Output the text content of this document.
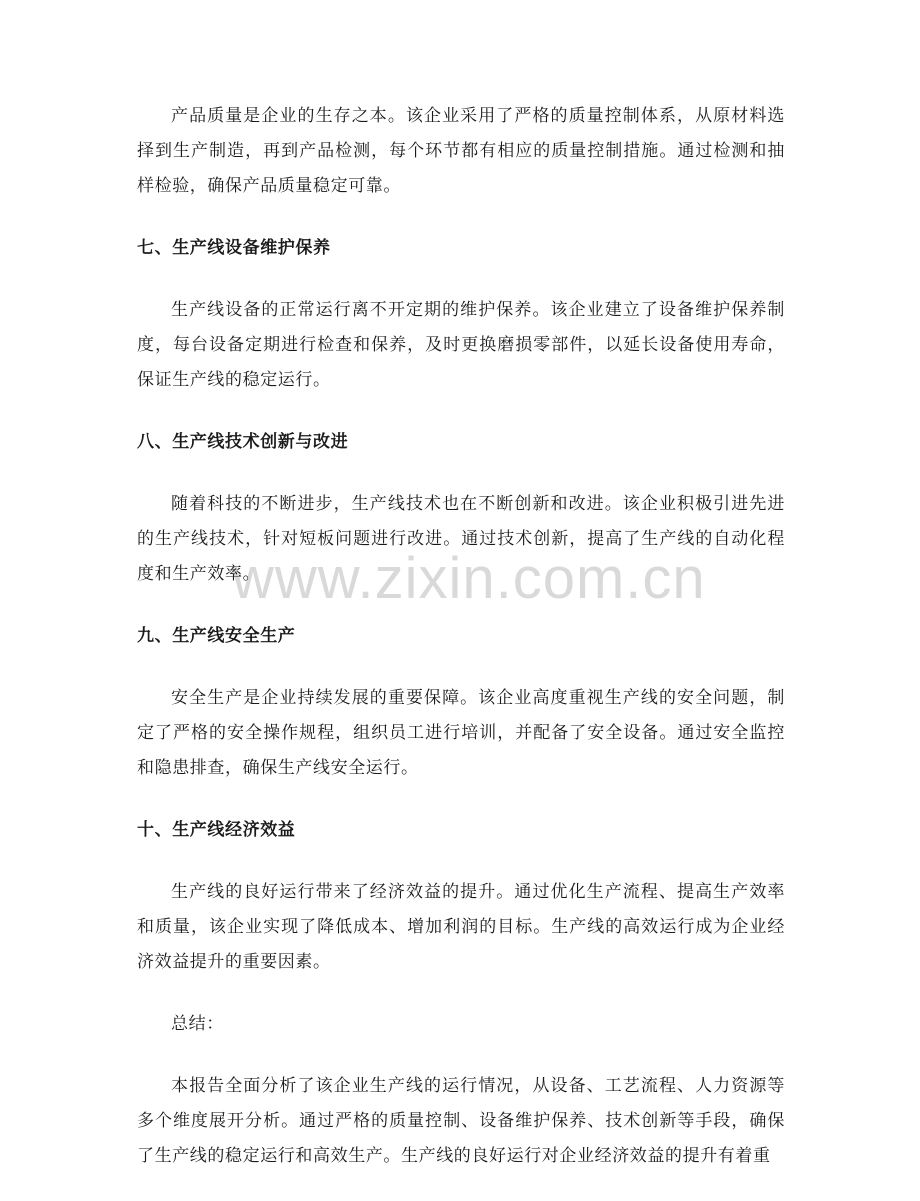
www.zixin.com.cn

产品质量是企业的生存之本。该企业采用了严格的质量控制体系，从原材料选择到生产制造，再到产品检测，每个环节都有相应的质量控制措施。通过检测和抽样检验，确保产品质量稳定可靠。

七、生产线设备维护保养

生产线设备的正常运行离不开定期的维护保养。该企业建立了设备维护保养制度，每台设备定期进行检查和保养，及时更换磨损零部件，以延长设备使用寿命，保证生产线的稳定运行。

八、生产线技术创新与改进

随着科技的不断进步，生产线技术也在不断创新和改进。该企业积极引进先进的生产线技术，针对短板问题进行改进。通过技术创新，提高了生产线的自动化程度和生产效率。

九、生产线安全生产

安全生产是企业持续发展的重要保障。该企业高度重视生产线的安全问题，制定了严格的安全操作规程，组织员工进行培训，并配备了安全设备。通过安全监控和隐患排查，确保生产线安全运行。

十、生产线经济效益

生产线的良好运行带来了经济效益的提升。通过优化生产流程、提高生产效率和质量，该企业实现了降低成本、增加利润的目标。生产线的高效运行成为企业经济效益提升的重要因素。

总结：

本报告全面分析了该企业生产线的运行情况，从设备、工艺流程、人力资源等多个维度展开分析。通过严格的质量控制、设备维护保养、技术创新等手段，确保了生产线的稳定运行和高效生产。生产线的良好运行对企业经济效益的提升有着重
